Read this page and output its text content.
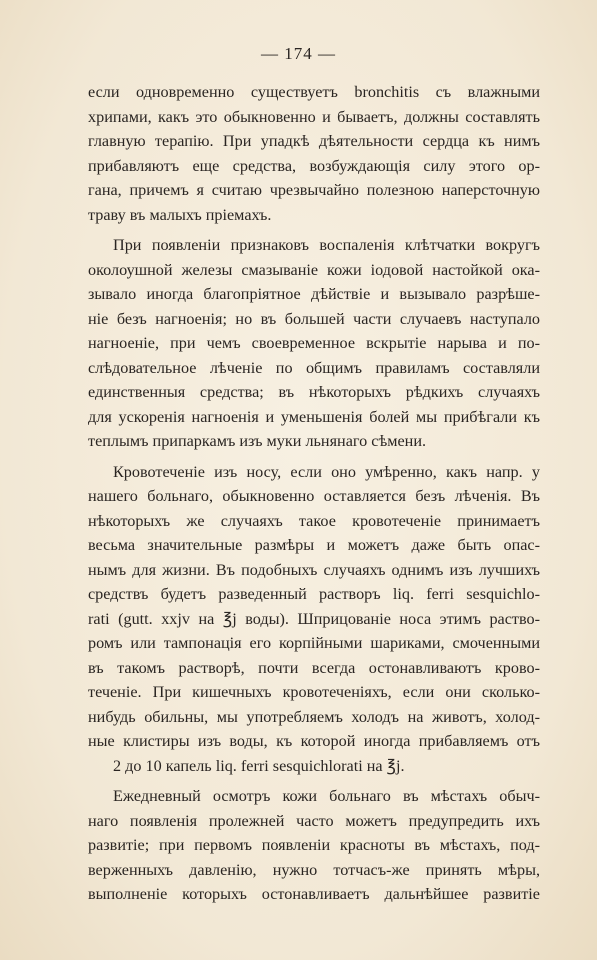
— 174 —
если одновременно существуетъ bronchitis съ влажными
хрипами, какъ это обыкновенно и бываетъ, должны составлять
главную терапію. При упадкѣ дѣятельности сердца къ нимъ
прибавляютъ еще средства, возбуждающія силу этого ор-
гана, причемъ я считаю чрезвычайно полезною наперсточную
траву въ малыхъ пріемахъ.
При появленіи признаковъ воспаленія клѣтчатки вокругъ
околоушной железы смазываніе кожи іодовой настойкой ока-
зывало иногда благопріятное дѣйствіе и вызывало разрѣше-
ніе безъ нагноенія; но въ большей части случаевъ наступало
нагноеніе, при чемъ своевременное вскрытіе нарыва и по-
слѣдовательное лѣченіе по общимъ правиламъ составляли
единственныя средства; въ нѣкоторыхъ рѣдкихъ случаяхъ
для ускоренія нагноенія и уменьшенія болей мы прибѣгали къ
теплымъ припаркамъ изъ муки льнянаго сѣмени.
Кровотеченіе изъ носу, если оно умѣренно, какъ напр. у
нашего больнаго, обыкновенно оставляется безъ лѣченія. Въ
нѣкоторыхъ же случаяхъ такое кровотеченіе принимаетъ
весьма значительные размѣры и можетъ даже быть опас-
нымъ для жизни. Въ подобныхъ случаяхъ однимъ изъ лучшихъ
средствъ будетъ разведенный растворъ liq. ferri sesquichlo-
rati (gutt. xxjv на ℥j воды). Шприцованіе носа этимъ раство-
ромъ или тампонація его корпійными шариками, смоченными
въ такомъ растворѣ, почти всегда остонавливаютъ крово-
теченіе. При кишечныхъ кровотеченіяхъ, если они сколько-
нибудь обильны, мы употребляемъ холодъ на животъ, холод-
ные клистиры изъ воды, къ которой иногда прибавляемъ отъ
2 до 10 капель liq. ferri sesquichlorati на ℥j.
Ежедневный осмотръ кожи больнаго въ мѣстахъ обыч-
наго появленія пролежней часто можетъ предупредить ихъ
развитіе; при первомъ появленіи красноты въ мѣстахъ, под-
верженныхъ давленію, нужно тотчасъ-же принять мѣры,
выполненіе которыхъ остонавливаетъ дальнѣйшее развитіе
